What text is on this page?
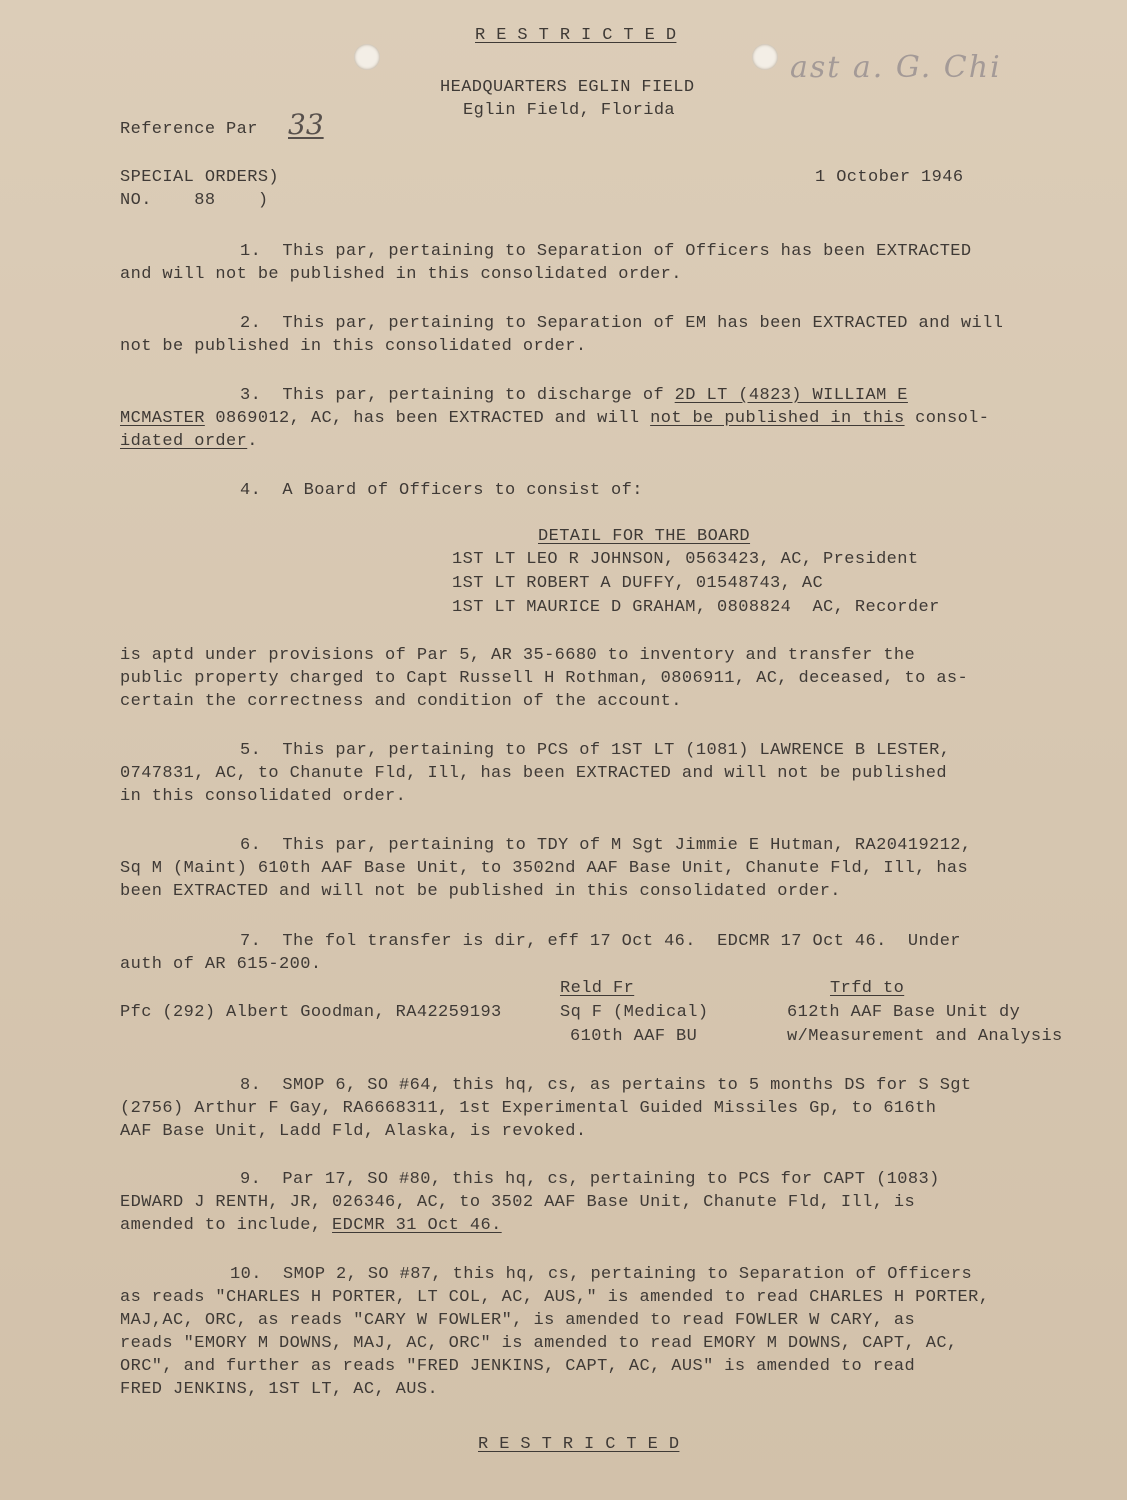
R E S T R I C T E D

ast a. G. Chi

HEADQUARTERS EGLIN FIELD

Eglin Field, Florida

Reference Par 33

SPECIAL ORDERS)

NO.    88    )

1 October 1946

1.  This par, pertaining to Separation of Officers has been EXTRACTED

and will not be published in this consolidated order.

2.  This par, pertaining to Separation of EM has been EXTRACTED and will

not be published in this consolidated order.

3.  This par, pertaining to discharge of 2D LT (4823) WILLIAM E

MCMASTER 0869012, AC, has been EXTRACTED and will not be published in this consol-

idated order.

4.  A Board of Officers to consist of:

DETAIL FOR THE BOARD

1ST LT LEO R JOHNSON, 0563423, AC, President

1ST LT ROBERT A DUFFY, 01548743, AC

1ST LT MAURICE D GRAHAM, 0808824  AC, Recorder

is aptd under provisions of Par 5, AR 35-6680 to inventory and transfer the

public property charged to Capt Russell H Rothman, 0806911, AC, deceased, to as-

certain the correctness and condition of the account.

5.  This par, pertaining to PCS of 1ST LT (1081) LAWRENCE B LESTER,

0747831, AC, to Chanute Fld, Ill, has been EXTRACTED and will not be published

in this consolidated order.

6.  This par, pertaining to TDY of M Sgt Jimmie E Hutman, RA20419212,

Sq M (Maint) 610th AAF Base Unit, to 3502nd AAF Base Unit, Chanute Fld, Ill, has

been EXTRACTED and will not be published in this consolidated order.

7.  The fol transfer is dir, eff 17 Oct 46.  EDCMR 17 Oct 46.  Under

auth of AR 615-200.

Reld Fr	Trfd to

Pfc (292) Albert Goodman, RA42259193	Sq F (Medical)

610th AAF BU

612th AAF Base Unit dy

w/Measurement and Analysis

8.  SMOP 6, SO #64, this hq, cs, as pertains to 5 months DS for S Sgt

(2756) Arthur F Gay, RA6668311, 1st Experimental Guided Missiles Gp, to 616th

AAF Base Unit, Ladd Fld, Alaska, is revoked.

9.  Par 17, SO #80, this hq, cs, pertaining to PCS for CAPT (1083)

EDWARD J RENTH, JR, 026346, AC, to 3502 AAF Base Unit, Chanute Fld, Ill, is

amended to include, EDCMR 31 Oct 46.

10.  SMOP 2, SO #87, this hq, cs, pertaining to Separation of Officers

as reads "CHARLES H PORTER, LT COL, AC, AUS," is amended to read CHARLES H PORTER,

MAJ,AC, ORC, as reads "CARY W FOWLER", is amended to read FOWLER W CARY, as

reads "EMORY M DOWNS, MAJ, AC, ORC" is amended to read EMORY M DOWNS, CAPT, AC,

ORC", and further as reads "FRED JENKINS, CAPT, AC, AUS" is amended to read

FRED JENKINS, 1ST LT, AC, AUS.

R E S T R I C T E D
